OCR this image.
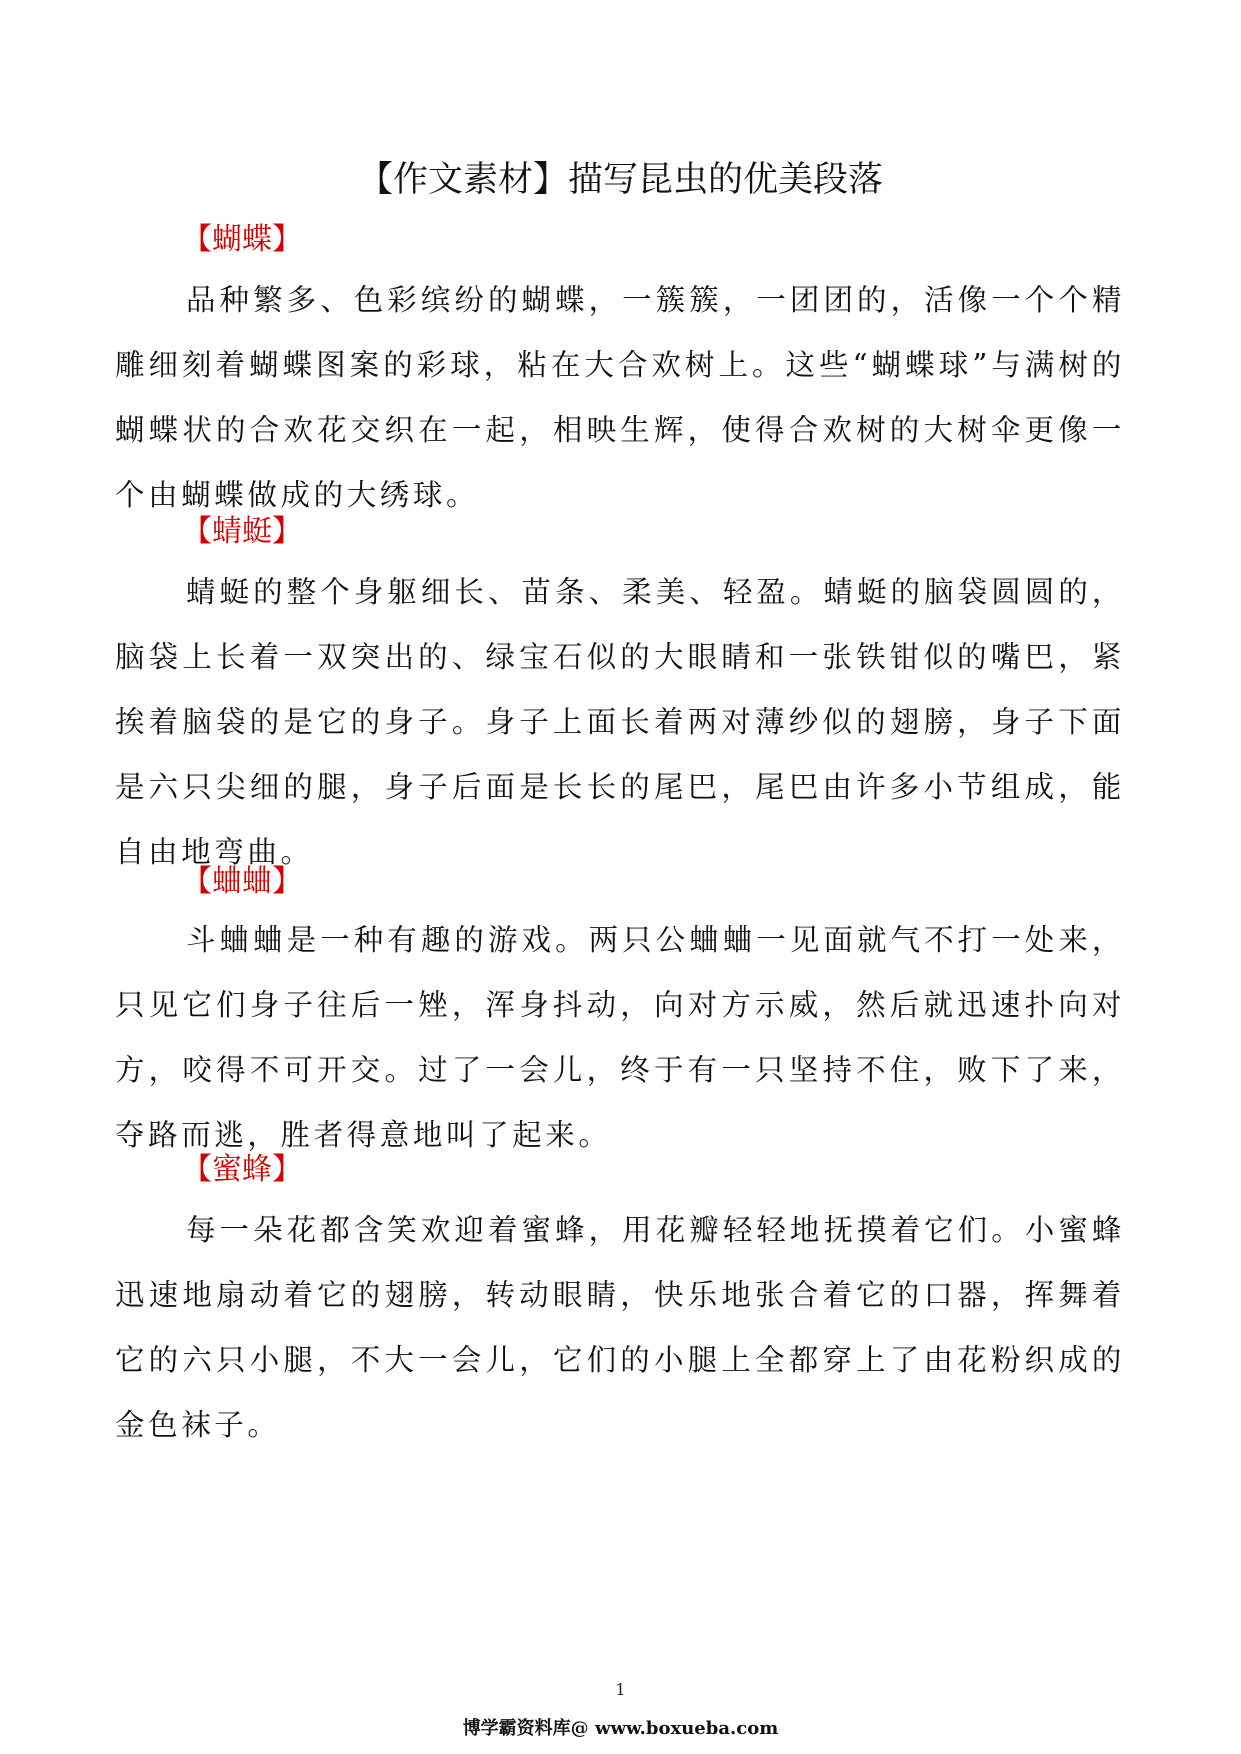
【作文素材】描写昆虫的优美段落
【蝴蝶】

品种繁多、色彩缤纷的蝴蝶，一簇簇，一团团的，活像一个个精雕细刻着蝴蝶图案的彩球，粘在大合欢树上。这些“蝴蝶球”与满树的蝴蝶状的合欢花交织在一起，相映生辉，使得合欢树的大树伞更像一个由蝴蝶做成的大绣球。

【蜻蜓】

蜻蜓的整个身躯细长、苗条、柔美、轻盈。蜻蜓的脑袋圆圆的，脑袋上长着一双突出的、绿宝石似的大眼睛和一张铁钳似的嘴巴，紧挨着脑袋的是它的身子。身子上面长着两对薄纱似的翅膀，身子下面是六只尖细的腿，身子后面是长长的尾巴，尾巴由许多小节组成，能自由地弯曲。

【蛐蛐】

斗蛐蛐是一种有趣的游戏。两只公蛐蛐一见面就气不打一处来，只见它们身子往后一矬，浑身抖动，向对方示威，然后就迅速扑向对方，咬得不可开交。过了一会儿，终于有一只坚持不住，败下了来，夺路而逃，胜者得意地叫了起来。

【蜜蜂】

每一朵花都含笑欢迎着蜜蜂，用花瓣轻轻地抚摸着它们。小蜜蜂迅速地扇动着它的翅膀，转动眼睛，快乐地张合着它的口器，挥舞着它的六只小腿，不大一会儿，它们的小腿上全都穿上了由花粉织成的金色袜子。

1
博学霸资料库@ www.boxueba.com
